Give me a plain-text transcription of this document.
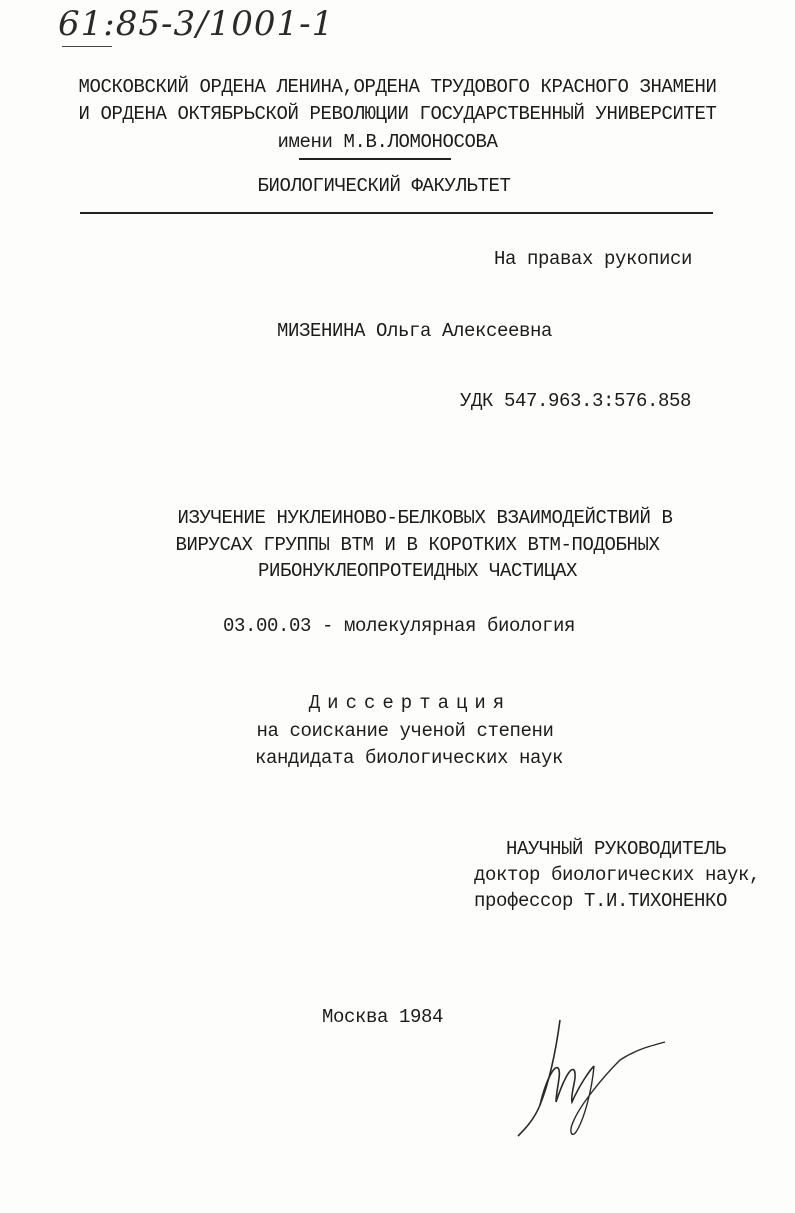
61:85-3/1001-1
МОСКОВСКИЙ ОРДЕНА ЛЕНИНА,ОРДЕНА ТРУДОВОГО КРАСНОГО ЗНАМЕНИ
И ОРДЕНА ОКТЯБРЬСКОЙ РЕВОЛЮЦИИ ГОСУДАРСТВЕННЫЙ УНИВЕРСИТЕТ
имени М.В.ЛОМОНОСОВА
БИОЛОГИЧЕСКИЙ ФАКУЛЬТЕТ
На правах рукописи
МИЗЕНИНА Ольга Алексеевна
УДК 547.963.3:576.858
ИЗУЧЕНИЕ НУКЛЕИНОВО-БЕЛКОВЫХ ВЗАИМОДЕЙСТВИЙ В
ВИРУСАХ ГРУППЫ ВТМ И В КОРОТКИХ ВТМ-ПОДОБНЫХ
РИБОНУКЛЕОПРОТЕИДНЫХ ЧАСТИЦАХ
03.00.03 - молекулярная биология
Диссертация
на соискание ученой степени
кандидата биологических наук
НАУЧНЫЙ РУКОВОДИТЕЛЬ
доктор биологических наук,
профессор Т.И.ТИХОНЕНКО
Москва 1984
